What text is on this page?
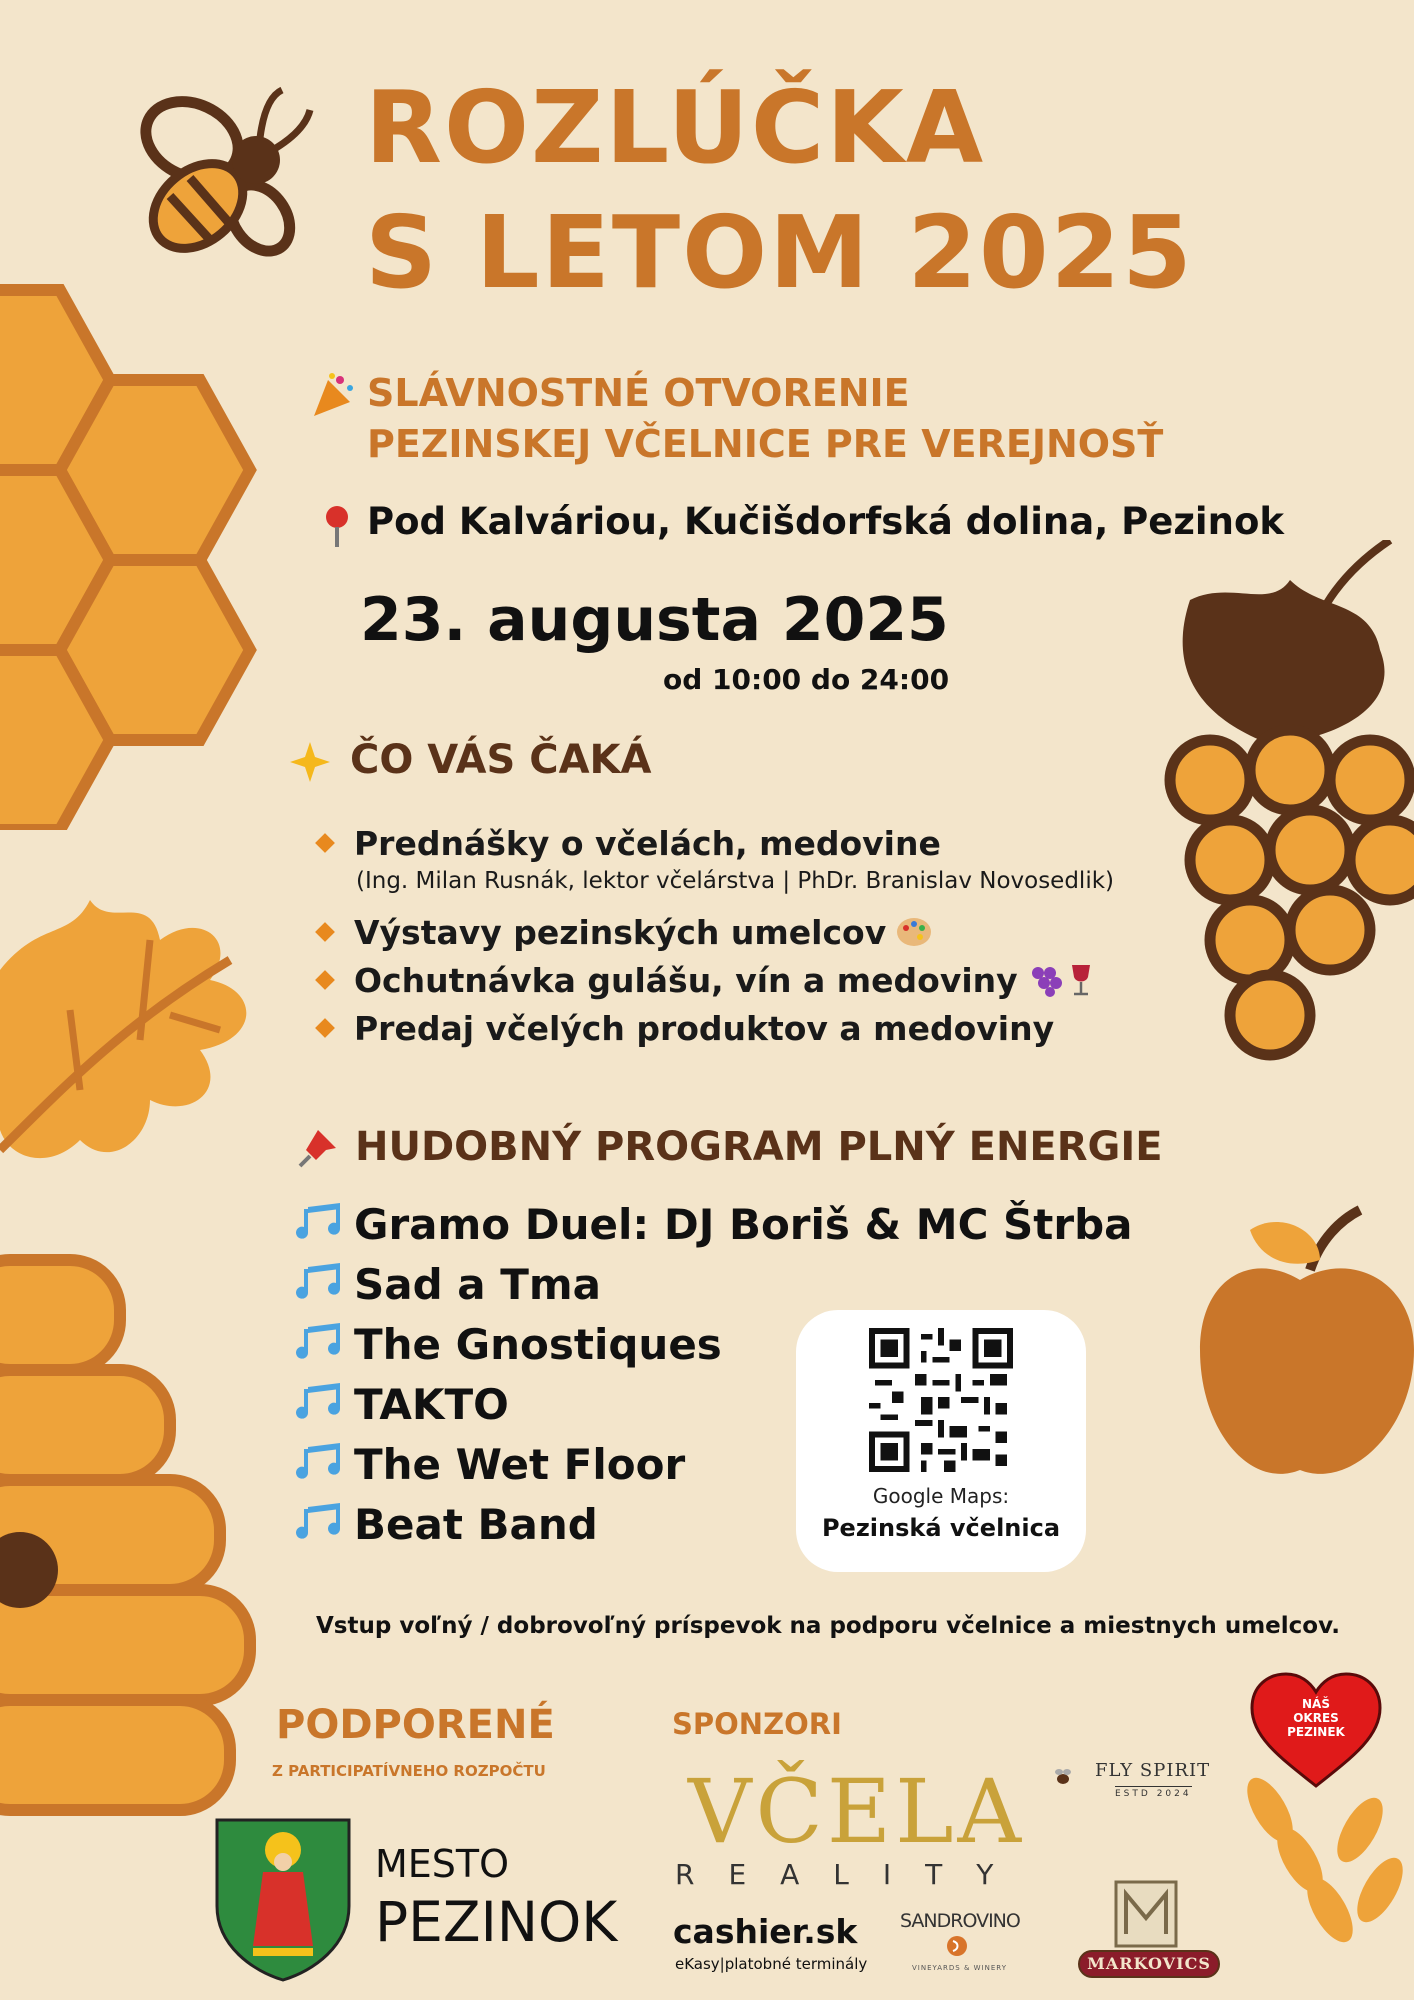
ROZLÚČKA
S LETOM 2025
SLÁVNOSTNÉ OTVORENIE
PEZINSKEJ VČELNICE PRE VEREJNOSŤ
Pod Kalváriou, Kučišdorfská dolina, Pezinok
23. augusta 2025
od 10:00 do 24:00
ČO VÁS ČAKÁ
Prednášky o včelách, medovine
(Ing. Milan Rusnák, lektor včelárstva | PhDr. Branislav Novosedlik)
Výstavy pezinských umelcov
Ochutnávka gulášu, vín a medoviny
Predaj včelých produktov a medoviny
HUDOBNÝ PROGRAM PLNÝ ENERGIE
Gramo Duel: DJ Boriš & MC Štrba
Sad a Tma
The Gnostiques
TAKTO
The Wet Floor
Beat Band
Google Maps:
Pezinská včelnica
Vstup voľný / dobrovoľný príspevok na podporu včelnice a miestnych umelcov.
PODPORENÉ
Z PARTICIPATÍVNEHO ROZPOČTU
MESTO
PEZINOK
SPONZORI
VČELA
REALITY
FLY SPIRIT
ESTD 2024
cashier.sk
eKasy|platobné terminály
SANDROVINO
VINEYARDS & WINERY	MARKOVICS
NÁŠ
OKRES
PEZINEK
